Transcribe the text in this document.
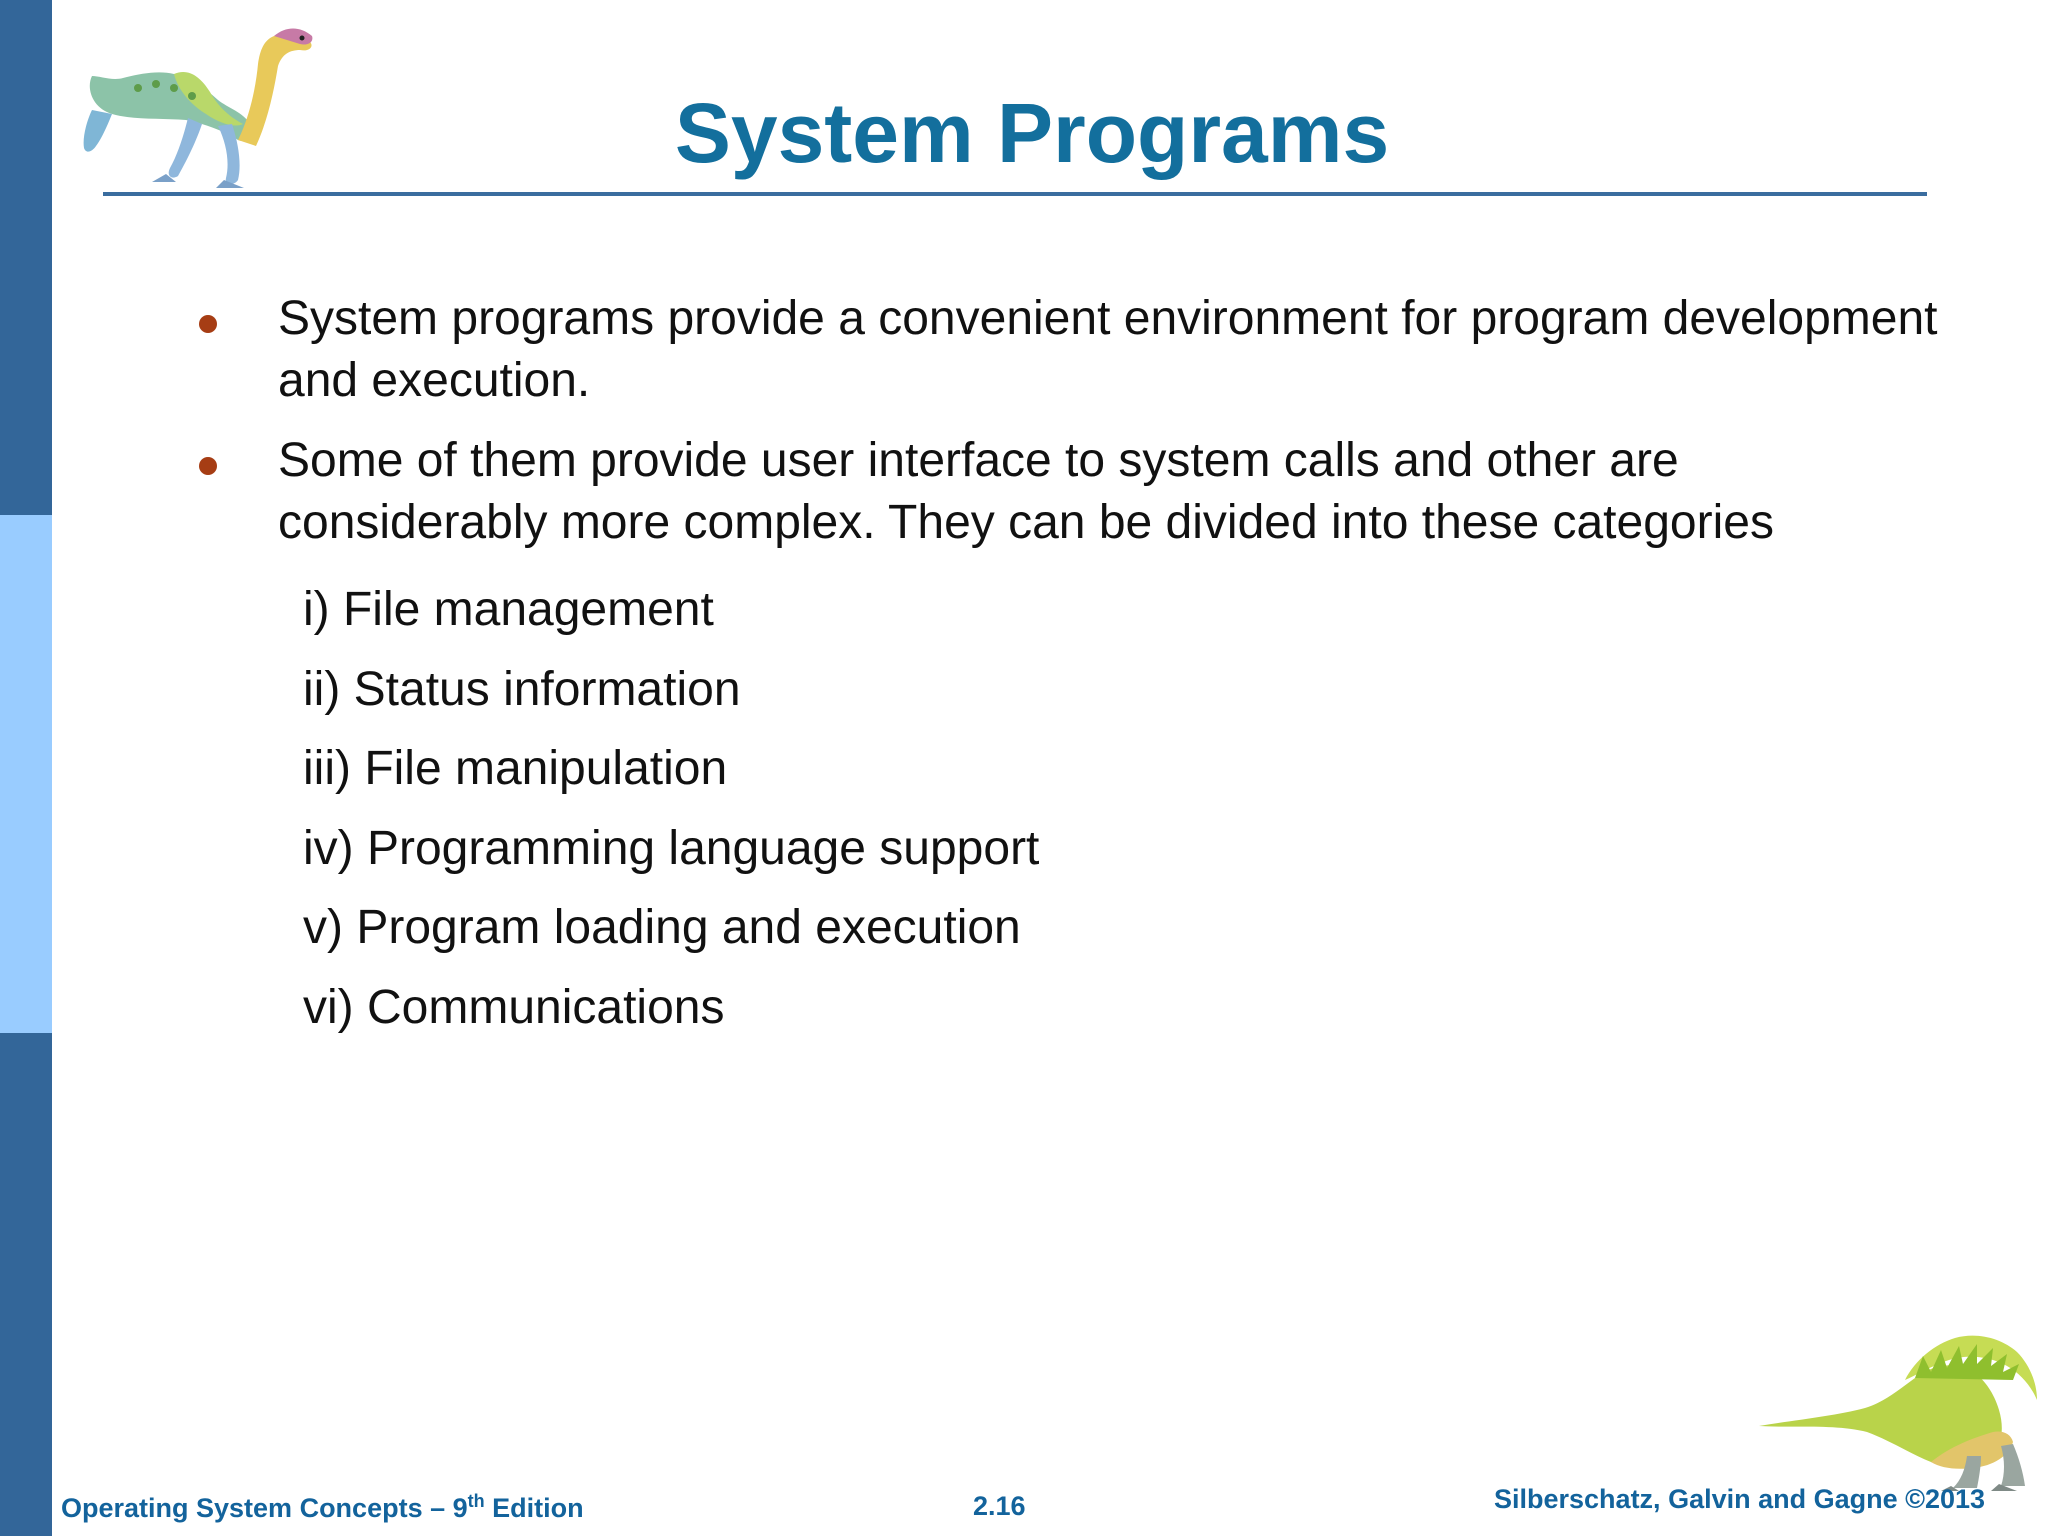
System Programs
System programs provide a convenient environment for program development and execution.
Some of them provide user interface to system calls and other are considerably more complex. They can be divided into these categories
i) File management
ii) Status information
iii) File manipulation
iv) Programming language support
v) Program loading and execution
vi) Communications
Operating System Concepts – 9th Edition	2.16	Silberschatz, Galvin and Gagne ©2013
